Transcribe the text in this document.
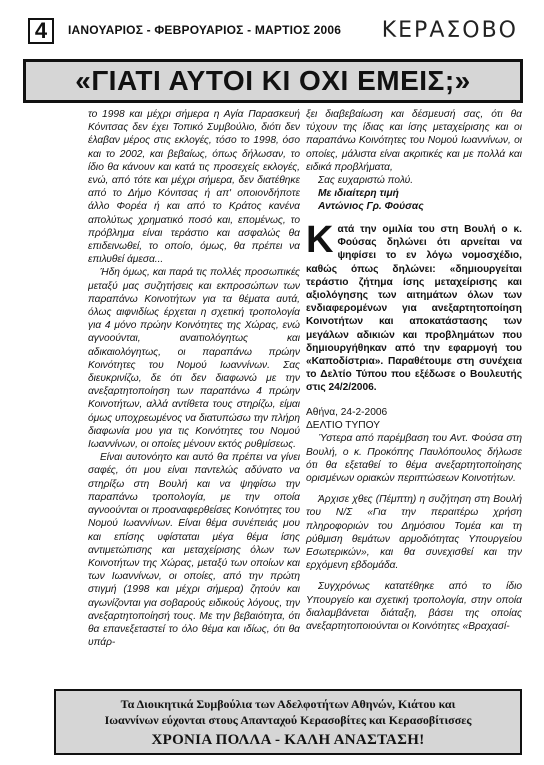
4	ΙΑΝΟΥΑΡΙΟΣ - ΦΕΒΡΟΥΑΡΙΟΣ - ΜΑΡΤΙΟΣ 2006 ΚΕΡΑΣΟΒΟ
«ΓΙΑΤΙ ΑΥΤΟΙ ΚΙ ΟΧΙ ΕΜΕΙΣ;»

το 1998 και μέχρι σήμερα η Αγία Παρασκευή Κόνιτσας δεν έχει Τοπικό Συμβούλιο, διότι δεν έλαβαν μέρος στις εκλογές, τόσο το 1998, όσο και το 2002, και βεβαίως, όπως δήλωσαν, το ίδιο θα κάνουν και κατά τις προσεχείς εκλογές, ενώ, από τότε και μέχρι σήμερα, δεν διατέθηκε από το Δήμο Κόνιτσας ή απ' οποιονδήποτε άλλο Φορέα ή και από το Κράτος κανένα απολύτως χρηματικό ποσό και, επομένως, το πρόβλημα είναι τεράστιο και ασφαλώς θα επιδεινωθεί, το οποίο, όμως, θα πρέπει να επιλυθεί άμεσα...

Ήδη όμως, και παρά τις πολλές προσωπικές μεταξύ μας συζητήσεις και εκπροσώπων των παραπάνω Κοινοτήτων για τα θέματα αυτά, όλως αιφνιδίως έρχεται η σχετική τροπολογία για 4 μόνο πρώην Κοινότητες της Χώρας, ενώ αγνοούνται, αναιτιολόγητως και αδικαιολόγητως, οι παραπάνω πρώην Κοινότητες του Νομού Ιωαννίνων. Σας διευκρινίζω, δε ότι δεν διαφωνώ με την ανεξαρτητοποίηση των παραπάνω 4 πρώην Κοινοτήτων, αλλά αντίθετα τους στηρίζω, είμαι όμως υποχρεωμένος να διατυπώσω την πλήρη διαφωνία μου για τις Κοινότητες του Νομού Ιωαννίνων, οι οποίες μένουν εκτός ρυθμίσεως.

Είναι αυτονόητο και αυτό θα πρέπει να γίνει σαφές, ότι μου είναι παντελώς αδύνατο να στηρίξω στη Βουλή και να ψηφίσω την παραπάνω τροπολογία, με την οποία αγνοούνται οι προαναφερθείσες Κοινότητες του Νομού Ιωαννίνων. Είναι θέμα συνέπειάς μου και επίσης υφίσταται μέγα θέμα ίσης αντιμετώπισης και μεταχείρισης όλων των Κοινοτήτων της Χώρας, μεταξύ των οποίων και των Ιωαννίνων, οι οποίες, από την πρώτη στιγμή (1998 και μέχρι σήμερα) ζητούν και αγωνίζονται για σοβαρούς ειδικούς λόγους, την ανεξαρτητοποίησή τους. Με την βεβαιότητα, ότι θα επανεξεταστεί το όλο θέμα και ιδίως, ότι θα υπάρ-

ξει διαβεβαίωση και δέσμευσή σας, ότι θα τύχουν της ίδιας και ίσης μεταχείρισης και οι παραπάνω Κοινότητες του Νομού Ιωαννίνων, οι οποίες, μάλιστα είναι ακριτικές και με πολλά και ειδικά προβλήματα,

Σας ευχαριστώ πολύ.

Με ιδιαίτερη τιμή

Αντώνιος Γρ. Φούσας

Κ ατά την ομιλία του στη Βουλή ο κ. Φούσας δηλώνει ότι αρνείται να ψηφίσει το εν λόγω νομοσχέδιο, καθώς όπως δηλώνει: «δημιουργείται τεράστιο ζήτημα ίσης μεταχείρισης και αξιολόγησης των αιτημάτων όλων των ενδιαφερομένων για ανεξαρτητοποίηση Κοινοτήτων και αποκατάστασης των μεγάλων αδικιών και προβλημάτων που δημιουργήθηκαν από την εφαρμογή του «Καποδίστρια». Παραθέτουμε στη συνέχεια το Δελτίο Τύπου που εξέδωσε ο Βουλευτής στις 24/2/2006.

Αθήνα, 24-2-2006

ΔΕΛΤΙΟ ΤΥΠΟΥ

Ύστερα από παρέμβαση του Αντ. Φούσα στη Βουλή, ο κ. Προκόπης Παυλόπουλος δήλωσε ότι θα εξεταθεί το θέμα ανεξαρτητοποίησης ορισμένων οριακών περιπτώσεων Κοινοτήτων.

Άρχισε χθες (Πέμπτη) η συζήτηση στη Βουλή του Ν/Σ «Για την περαιτέρω χρήση πληροφοριών του Δημόσιου Τομέα και τη ρύθμιση θεμάτων αρμοδιότητας Υπουργείου Εσωτερικών», και θα συνεχισθεί και την ερχόμενη εβδομάδα.

Συγχρόνως κατατέθηκε από το ίδιο Υπουργείο και σχετική τροπολογία, στην οποία διαλαμβάνεται διάταξη, βάσει της οποίας ανεξαρτητοποιούνται οι Κοινότητες «Βραχασί-

Τα Διοικητικά Συμβούλια των Αδελφοτήτων Αθηνών, Κιάτου και
Ιωαννίνων εύχονται στους Απανταχού Κερασοβίτες και Κερασοβίτισσες
ΧΡΟΝΙΑ ΠΟΛΛΑ - ΚΑΛΗ ΑΝΑΣΤΑΣΗ!
